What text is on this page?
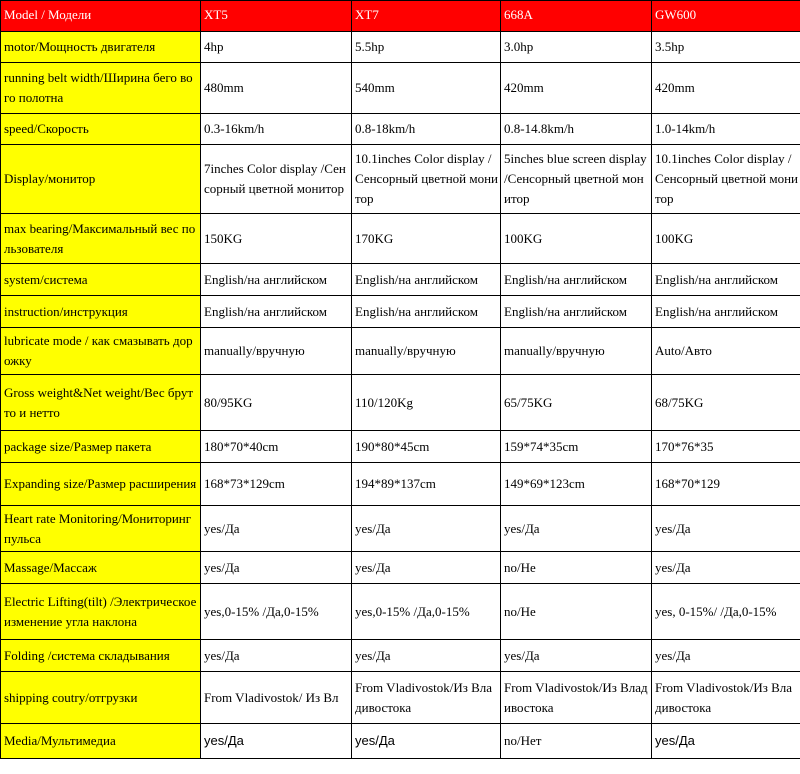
Model / Модели	XT5	XT7	668A	GW600
motor/Мощность двигателя	4hp	5.5hp	3.0hp	3.5hp
running belt width/Ширина бего вого полотна	480mm	540mm	420mm	420mm
speed/Скорость	0.3-16km/h	0.8-18km/h	0.8-14.8km/h	1.0-14km/h
Display/монитор	7inches Color display /Сенсорный цветной монитор	10.1inches Color display /Сенсорный цветной монитор	5inches blue screen display /Сенсорный цветной монитор	10.1inches Color display /Сенсорный цветной монитор
max bearing/Максимальный вес пользователя	150KG	170KG	100KG	100KG
system/система	English/на английском	English/на английском	English/на английском	English/на английском
instruction/инструкция	English/на английском	English/на английском	English/на английском	English/на английском
lubricate mode / как смазывать дорожку	manually/вручную	manually/вручную	manually/вручную	Auto/Авто
Gross weight&Net weight/Вес брутто и нетто	80/95KG	110/120Kg	65/75KG	68/75KG
package size/Размер пакета	180*70*40cm	190*80*45cm	159*74*35cm	170*76*35
Expanding size/Размер расширения	168*73*129cm	194*89*137cm	149*69*123cm	168*70*129
Heart rate Monitoring/Мониторинг пульса	yes/Да	yes/Да	yes/Да	yes/Да
Massage/Массаж	yes/Да	yes/Да	no/Не	yes/Да
Electric Lifting(tilt) /Электрическое изменение угла наклона	yes,0-15% /Да,0-15%	yes,0-15% /Да,0-15%	no/Не	yes, 0-15%/ /Да,0-15%
Folding /система складывания	yes/Да	yes/Да	yes/Да	yes/Да
shipping coutry/отгрузки	From Vladivostok/ Из Вл	From Vladivostok/Из Владивостока	From Vladivostok/Из Владивостока	From Vladivostok/Из Владивостока
Media/Мультимедиа	yes/Да	yes/Да	no/Нет	yes/Да
